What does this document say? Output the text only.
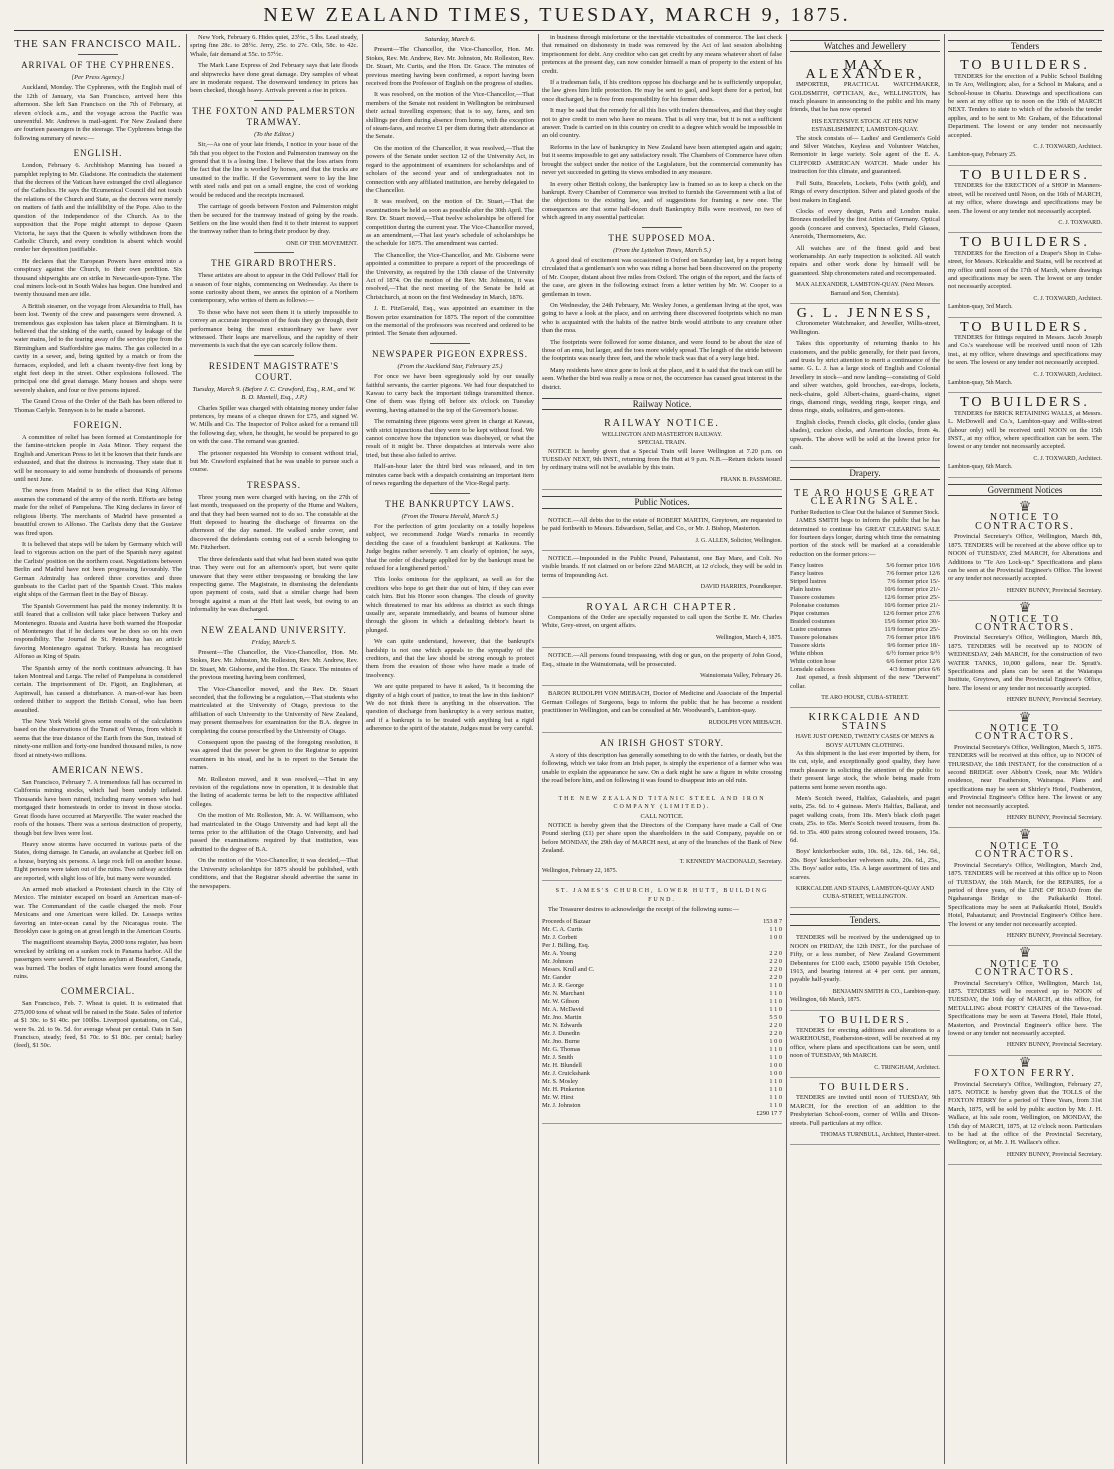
NEW ZEALAND TIMES, TUESDAY, MARCH 9, 1875.
THE SAN FRANCISCO MAIL.
ARRIVAL OF THE CYPHRENES.
[Per Press Agency.]

Auckland, Monday. The Cyphrenes, with the English mail of the 12th of January, via San Francisco, arrived here this afternoon. She left San Francisco on the 7th of February, at eleven o'clock a.m., and the voyage across the Pacific was uneventful. Mr. Andrews is mail-agent. For New Zealand there are fourteen passengers in the steerage. The Cyphrenes brings the following summary of news:—

ENGLISH.

London, February 6. Archbishop Manning has issued a pamphlet replying to Mr. Gladstone. He contradicts the statement that the decrees of the Vatican have estranged the civil allegiance of the Catholics. He says the Œcumenical Council did not touch the relations of the Church and State, as the decrees were merely on matters of faith and the infallibility of the Pope. Also to the question of the independence of the Church. As to the supposition that the Pope might attempt to depose Queen Victoria, he says that the Queen is wholly withdrawn from the Catholic Church, and every condition is absent which would render her deposition justifiable.

He declares that the European Powers have entered into a conspiracy against the Church, to their own perdition. Six thousand shipwrights are on strike in Newcastle-upon-Tyne. The coal miners lock-out in South Wales has begun. One hundred and twenty thousand men are idle.

A British steamer, on the voyage from Alexandria to Hull, has been lost. Twenty of the crew and passengers were drowned. A tremendous gas explosion has taken place at Birmingham. It is believed that the sinking of the earth, caused by leakage of the water mains, led to the tearing away of the service pipe from the Birmingham and Staffordshire gas mains. The gas collected in a cavity in a sewer, and, being ignited by a match or from the furnaces, exploded, and left a chasm twenty-five feet long by eight feet deep in the street. Other explosions followed. The principal one did great damage. Many houses and shops were severely shaken, and four or five persons injured.

The Grand Cross of the Order of the Bath has been offered to Thomas Carlyle. Tennyson is to be made a baronet.

FOREIGN.

A committee of relief has been formed at Constantinople for the famine-stricken people in Asia Minor. They request the English and American Press to let it be known that their funds are exhausted, and that the distress is increasing. They state that it will be necessary to aid some hundreds of thousands of persons until next June.

The news from Madrid is to the effect that King Alfonso assumes the command of the army of the north. Efforts are being made for the relief of Pampeluna. The King declares in favor of religious liberty. The merchants of Madrid have presented a beautiful crown to Alfonso. The Carlists deny that the Gustave was fired upon.

It is believed that steps will be taken by Germany which will lead to vigorous action on the part of the Spanish navy against the Carlists' position on the northern coast. Negotiations between Berlin and Madrid have not been progressing favourably. The German Admiralty has ordered three corvettes and three gunboats to the Carlist part of the Spanish Coast. This makes eight ships of the German fleet in the Bay of Biscay.

The Spanish Government has paid the money indemnity. It is still feared that a collision will take place between Turkey and Montenegro. Russia and Austria have both warned the Hospodar of Montenegro that if he declares war he does so on his own responsibility. The Journal de St. Petersburg has an article favoring Montenegro against Turkey. Russia has recognised Alfonso as King of Spain.

The Spanish army of the north continues advancing. It has taken Montreal and Lerga. The relief of Pampeluna is considered certain. The imprisonment of Dr. Figott, an Englishman, at Aspinwall, has caused a disturbance. A man-of-war has been ordered thither to support the British Consul, who has been assaulted.

The New York World gives some results of the calculations based on the observations of the Transit of Venus, from which it seems that the true distance of the Earth from the Sun, instead of ninety-one million and forty-one hundred thousand miles, is now fixed at ninety-two millions.

AMERICAN NEWS.

San Francisco, February 7. A tremendous fall has occurred in California mining stocks, which had been unduly inflated. Thousands have been ruined, including many women who had mortgaged their homesteads in order to invest in those stocks. Great floods have occurred at Marysville. The water reached the roofs of the houses. There was a serious destruction of property, though but few lives were lost.

Heavy snow storms have occurred in various parts of the States, doing damage. In Canada, an avalanche at Quebec fell on a house, burying six persons. A large rock fell on another house. Eight persons were taken out of the ruins. Two railway accidents are reported, with slight loss of life, but many were wounded.

An armed mob attacked a Protestant church in the City of Mexico. The minister escaped on board an American man-of-war. The Commandant of the castle charged the mob. Four Mexicans and one American were killed. Dr. Lesseps writes favoring an inter-ocean canal by the Nicaragua route. The Brooklyn case is going on at great length in the American Courts.

The magnificent steamship Bayta, 2000 tons register, has been wrecked by striking on a sunken rock in Panama harbor. All the passengers were saved. The famous asylum at Beaufort, Canada, was burned. The bodies of eight lunatics were found among the ruins.

COMMERCIAL.

San Francisco, Feb. 7. Wheat is quiet. It is estimated that 275,000 tons of wheat will be raised in the State. Sales of inferior at $1 30c. to $1 40c. per 100lbs. Liverpool quotations, on Cal., were 9s. 2d. to 9s. 5d. for average wheat per cental. Oats in San Francisco, steady; feed, $1 70c. to $1 80c. per cental; barley (feed), $1 50c.

New York, February 6. Hides quiet, 23½c., 5 lbs. Lead steady, spring fine 28c. to 28½c. Jerry, 25c. to 27c. Oils, 58c. to 42c. Whale, fair demand at 55c. to 57½c.

The Mark Lane Express of 2nd February says that late floods and shipwrecks have done great damage. Dry samples of wheat are in moderate request. The downward tendency in prices has been checked, though heavy. Arrivals prevent a rise in prices.

THE FOXTON AND PALMERSTON TRAMWAY.
(To the Editor.)

Sir,—As one of your late friends, I notice in your issue of the 5th that you object to the Foxton and Palmerston tramway on the ground that it is a losing line. I believe that the loss arises from the fact that the line is worked by horses, and that the trucks are unsuited to the traffic. If the Government were to lay the line with steel rails and put on a small engine, the cost of working would be reduced and the receipts increased.

The carriage of goods between Foxton and Palmerston might then be secured for the tramway instead of going by the roads. Settlers on the line would then find it to their interest to support the tramway rather than to bring their produce by dray.

ONE OF THE MOVEMENT.
THE GIRARD BROTHERS.

These artistes are about to appear in the Odd Fellows' Hall for a season of four nights, commencing on Wednesday. As there is some curiosity about them, we annex the opinion of a Northern contemporary, who writes of them as follows:—

To those who have not seen them it is utterly impossible to convey an accurate impression of the feats they go through, their performance being the most extraordinary we have ever witnessed. Their leaps are marvellous, and the rapidity of their movements is such that the eye can scarcely follow them.

RESIDENT MAGISTRATE'S COURT.
Tuesday, March 9. (Before J. C. Crawford, Esq., R.M., and W. B. D. Mantell, Esq., J.P.)

Charles Spiller was charged with obtaining money under false pretences, by means of a cheque drawn for £75, and signed W. W. Mills and Co. The Inspector of Police asked for a remand till the following day, when, he thought, he would be prepared to go on with the case. The remand was granted.

The prisoner requested his Worship to consent without trial, but Mr. Crawford explained that he was unable to pursue such a course.

TRESPASS.

Three young men were charged with having, on the 27th of last month, trespassed on the property of the Hume and Walters, and that they had been warned not to do so. The constable at the Hutt deposed to hearing the discharge of firearms on the afternoon of the day named. He walked under cover, and discovered the defendants coming out of a scrub belonging to Mr. Fitzherbert.

The three defendants said that what had been stated was quite true. They were out for an afternoon's sport, but were quite unaware that they were either trespassing or breaking the law respecting game. The Magistrate, in dismissing the defendants upon payment of costs, said that a similar charge had been brought against a man at the Hutt last week, but owing to an informality he was discharged.

NEW ZEALAND UNIVERSITY.
Friday, March 5.

Present—The Chancellor, the Vice-Chancellor, Hon. Mr. Stokes, Rev. Mr. Johnston, Mr. Rolleston, Rev. Mr. Andrew, Rev. Dr. Stuart, Mr. Gisborne, and the Hon. Dr. Grace. The minutes of the previous meeting having been confirmed,

The Vice-Chancellor moved, and the Rev. Dr. Stuart seconded, that the following be a regulation,—That students who matriculated at the University of Otago, previous to the affiliation of such University to the University of New Zealand, may present themselves for examination for the B.A. degree in completing the course prescribed by the University of Otago.

Consequent upon the passing of the foregoing resolution, it was agreed that the power be given to the Registrar to appoint examiners in his stead, and he is to report to the Senate the names.

Mr. Rolleston moved, and it was resolved,—That in any revision of the regulations now in operation, it is desirable that the listing of academic terms be left to the respective affiliated colleges.

On the motion of Mr. Rolleston, Mr. A. W. Williamson, who had matriculated in the Otago University and had kept all the terms prior to the affiliation of the Otago University, and had passed the examinations required by that institution, was admitted to the degree of B.A.

On the motion of the Vice-Chancellor, it was decided,—That the University scholarships for 1875 should be published, with conditions, and that the Registrar should advertise the same in the newspapers.

Saturday, March 6.

Present—The Chancellor, the Vice-Chancellor, Hon. Mr. Stokes, Rev. Mr. Andrew, Rev. Mr. Johnston, Mr. Rolleston, Rev. Dr. Stuart, Mr. Curtis, and the Hon. Dr. Grace. The minutes of previous meeting having been confirmed, a report having been received from the Professor of English on the progress of studies.

It was resolved, on the motion of the Vice-Chancellor,—That members of the Senate not resident in Wellington be reimbursed their actual travelling expenses; that is to say, fares, and ten shillings per diem during absence from home, with the exception of steam-fares, and receive £1 per diem during their attendance at the Senate.

On the motion of the Chancellor, it was resolved,—That the powers of the Senate under section 12 of the University Act, in regard to the appointment of examiners for scholarships and of scholars of the second year and of undergraduates not in connection with any affiliated institution, are hereby delegated to the Chancellor.

It was resolved, on the motion of Dr. Stuart,—That the examinations be held as soon as possible after the 30th April. The Rev. Dr. Stuart moved,—That twelve scholarships be offered for competition during the current year. The Vice-Chancellor moved, as an amendment,—That last year's schedule of scholarships be the schedule for 1875. The amendment was carried.

The Chancellor, the Vice-Chancellor, and Mr. Gisborne were appointed a committee to prepare a report of the proceedings of the University, as required by the 13th clause of the University Act of 1874. On the motion of the Rev. Mr. Johnston, it was resolved,—That the next meeting of the Senate be held at Christchurch, at noon on the first Wednesday in March, 1876.

J. E. FitzGerald, Esq., was appointed an examiner in the Bowen prize examination for 1875. The report of the committee on the memorial of the professors was received and ordered to be printed. The Senate then adjourned.

NEWSPAPER PIGEON EXPRESS.
(From the Auckland Star, February 25.)

For once we have been egregiously sold by our usually faithful servants, the carrier pigeons. We had four despatched to Kawau to carry back the important tidings transmitted thence. One of them was flying off before six o'clock on Tuesday evening, having attained to the top of the Governor's house.

The remaining three pigeons were given in charge at Kawau, with strict injunctions that they were to be kept without food. We cannot conceive how the injunction was disobeyed, or what the result of it might be. Three despatches at intervals were also tried, but these also failed to arrive.

Half-an-hour later the third bird was released, and in ten minutes came back with a despatch containing an important item of news regarding the departure of the Vice-Regal party.

THE BANKRUPTCY LAWS.
(From the Timaru Herald, March 5.)

For the perfection of grim jocularity on a totally hopeless subject, we recommend Judge Ward's remarks in recently deciding the case of a fraudulent bankrupt at Kaikoura. The Judge begins rather severely. 'I am clearly of opinion,' he says, 'that the order of discharge applied for by the bankrupt must be refused for a lengthened period.'

This looks ominous for the applicant, as well as for the creditors who hope to get their due out of him, if they can ever catch him. But his Honor soon changes. The clouds of gravity which threatened to mar his address as district as such things usually are, separate immediately, and beams of humour shine through the gloom in which a defaulting debtor's heart is plunged.

We can quite understand, however, that the bankrupt's hardship is not one which appeals to the sympathy of the creditors, and that the law should be strong enough to protect them from the evasion of those who have made a trade of insolvency.

We are quite prepared to have it asked, 'Is it becoming the dignity of a high court of justice, to treat the law in this fashion?' We do not think there is anything in the observation. The question of discharge from bankruptcy is a very serious matter, and if a bankrupt is to be treated with anything but a rigid adherence to the spirit of the statute, Judges must be very careful.

in business through misfortune or the inevitable vicissitudes of commerce. The last check that remained on dishonesty in trade was removed by the Act of last session abolishing imprisonment for debt. Any creditor who can get credit by any means whatever short of false pretences at the present day, can now consider himself a man of property to the extent of his credit.

If a tradesman fails, if his creditors oppose his discharge and he is sufficiently unpopular, the law gives him little protection. He may be sent to gaol, and kept there for a period, but once discharged, he is free from responsibility for his former debts.

It may be said that the remedy for all this lies with traders themselves, and that they ought not to give credit to men who have no means. That is all very true, but it is not a sufficient answer. Trade is carried on in this country on credit to a degree which would be impossible in an old country.

Reforms in the law of bankruptcy in New Zealand have been attempted again and again; but it seems impossible to get any satisfactory result. The Chambers of Commerce have often brought the subject under the notice of the Legislature, but the commercial community has never yet succeeded in getting its views embodied in any measure.

In every other British colony, the bankruptcy law is framed so as to keep a check on the bankrupt. Every Chamber of Commerce was invited to furnish the Government with a list of the objections to the existing law, and of suggestions for framing a new one. The consequences are that some half-dozen draft Bankruptcy Bills were received, no two of which agreed in any essential particular.

THE SUPPOSED MOA.
(From the Lyttelton Times, March 5.)

A good deal of excitement was occasioned in Oxford on Saturday last, by a report being circulated that a gentleman's son who was riding a horse had been discovered on the property of Mr. Cooper, distant about five miles from Oxford. The origin of the report, and the facts of the case, are given in the following extract from a letter written by Mr. W. Cooper to a gentleman in town.

On Wednesday, the 24th February, Mr. Wesley Jones, a gentleman living at the spot, was going to have a look at the place, and on arriving there discovered footprints which no man who is acquainted with the habits of the native birds would attribute to any creature other than the moa.

The footprints were followed for some distance, and were found to be about the size of those of an emu, but larger, and the toes more widely spread. The length of the stride between the footprints was nearly three feet, and the whole track was that of a very large bird.

Many residents have since gone to look at the place, and it is said that the track can still be seen. Whether the bird was really a moa or not, the occurrence has caused great interest in the district.

Railway Notice.
RAILWAY NOTICE.
WELLINGTON AND MASTERTON RAILWAY.
SPECIAL TRAIN.

NOTICE is hereby given that a Special Train will leave Wellington at 7.20 p.m. on TUESDAY NEXT, 9th INST., returning from the Hutt at 9 p.m. N.B.—Return tickets issued by ordinary trains will not be available by this train.

FRANK B. PASSMORE.
Public Notices.

NOTICE.—All debts due to the estate of ROBERT MARTIN, Greytown, are requested to be paid forthwith to Messrs. Edwardson, Sellar, and Co., or Mr. J. Bishop, Masterton.

J. G. ALLEN, Solicitor, Wellington.

NOTICE.—Impounded in the Public Pound, Pahautanui, one Bay Mare, and Colt. No visible brands. If not claimed on or before 22nd MARCH, at 12 o'clock, they will be sold in terms of Impounding Act.

DAVID HARRIES, Poundkeeper.
ROYAL ARCH CHAPTER.

Companions of the Order are specially requested to call upon the Scribe E. Mr. Charles White, Grey-street, on urgent affairs.

Wellington, March 4, 1875.

NOTICE.—All persons found trespassing, with dog or gun, on the property of John Good, Esq., situate in the Wainuiomata, will be prosecuted.

Wainuiomata Valley, February 26.

BARON RUDOLPH VON MIEBACH, Doctor of Medicine and Associate of the Imperial German Colleges of Surgeons, begs to inform the public that he has become a resident practitioner in Wellington, and can be consulted at Mr. Woodward's, Lambton-quay.

RUDOLPH VON MIEBACH.
AN IRISH GHOST STORY.

A story of this description has generally something to do with the fairies, or death, but the following, which we take from an Irish paper, is simply the experience of a farmer who was unable to explain the appearance he saw. On a dark night he saw a figure in white crossing the road before him, and on following it was found to disappear into an old ruin.

THE NEW ZEALAND TITANIC STEEL AND IRON COMPANY (LIMITED).
CALL NOTICE.

NOTICE is hereby given that the Directors of the Company have made a Call of One Pound sterling (£1) per share upon the shareholders in the said Company, payable on or before MONDAY, the 29th day of MARCH next, at any of the branches of the Bank of New Zealand.

T. KENNEDY MACDONALD, Secretary.
Wellington, February 22, 1875.
ST. JAMES'S CHURCH, LOWER HUTT, BUILDING FUND.

The Treasurer desires to acknowledge the receipt of the following sums:—

Proceeds of Bazaar	153 8 7
Mr. C. A. Curtis	1 1 0
Mr. J. Corbett	1 0 0
Per J. Billing, Esq.	
Mr. A. Young	2 2 0
Mr. Johnson	2 2 0
Messrs. Krull and C.	2 2 0
Mr. Gander	2 2 0
Mr. J. R. George	1 1 0
Mr. N. Marchant	1 1 0
Mr. W. Gibson	1 1 0
Mr. A. McDavid	1 1 0
Mr. Jno. Martin	5 5 0
Mr. N. Edwards	2 2 0
Mr. J. Dunedin	2 2 0
Mr. Jno. Burne	1 0 0
Mr. G. Thomas	1 1 0
Mr. J. Smith	1 1 0
Mr. H. Blundell	1 0 0
Mr. J. Cruickshank	1 0 0
Mr. S. Mosley	1 1 0
Mr. H. Pinkerton	1 1 0
Mr. W. Hirst	1 1 0
Mr. J. Johnston	1 1 0
£290 17 7
Watches and Jewellery
MAX ALEXANDER,

IMPORTER, PRACTICAL WATCHMAKER, GOLDSMITH, OPTICIAN, &c., WELLINGTON, has much pleasure in announcing to the public and his many friends, that he has now opened

HIS EXTENSIVE STOCK AT HIS NEW ESTABLISHMENT, LAMBTON-QUAY.

The stock consists of— Ladies' and Gentlemen's Gold and Silver Watches, Keyless and Volunteer Watches, Remontoir in large variety. Sole agent of the E. A. CLIFFORD AMERICAN WATCH. Made under his instruction for this climate, and guaranteed.

Full Suits, Bracelets, Lockets, Fobs (with gold), and Rings of every description. Silver and plated goods of the best makers in England.

Clocks of every design, Paris and London make. Bronzes modelled by the first Artists of Germany. Optical goods (concave and convex), Spectacles, Field Glasses, Aneroids, Thermometers, &c.

All watches are of the finest gold and best workmanship. An early inspection is solicited. All watch repairs and other work done by himself will be guaranteed. Ship chronometers rated and recompensated.

MAX ALEXANDER, LAMBTON-QUAY. (Next Messrs. Barraud and Son, Chemists).
G. L. JENNESS,

Chronometer Watchmaker, and Jeweller, Willis-street, Wellington.

Takes this opportunity of returning thanks to his customers, and the public generally, for their past favors, and trusts by strict attention to merit a continuance of the same. G. L. J. has a large stock of English and Colonial Jewellery in stock—and now landing—consisting of Gold and silver watches, gold brooches, ear-drops, lockets, neck-chains, gold Albert-chains, guard-chains, signet rings, diamond rings, wedding rings, keeper rings, and dress rings, studs, solitaires, and gem-stones.

English clocks, French clocks, gilt clocks, (under glass shades), cuckoo clocks, and American clocks, from 4s. upwards. The above will be sold at the lowest price for cash.

Drapery.
TE ARO HOUSE GREAT CLEARING SALE.
Further Reduction to Clear Out the balance of Summer Stock.

JAMES SMITH begs to inform the public that he has determined to continue his GREAT CLEARING SALE for fourteen days longer, during which time the remaining portion of the stock will be marked at a considerable reduction on the former prices:—

Fancy lustres	5/6 former price 10/6
Fancy lustres	7/6 former price 12/6
Striped lustres	7/6 former price 15/-
Plain lustres	10/6 former price 21/-
Tussore costumes	12/6 former price 25/-
Polonaise costumes	10/6 former price 21/-
Pique costumes	12/6 former price 27/6
Braided costumes	15/6 former price 30/-
Lustre costumes	11/9 former price 25/-
Tussore polonaises	7/6 former price 18/6
Tussore skirts	9/6 former price 18/-
White ribbon	6/½ former price 9/½
White cotton hose	6/6 former price 12/6
Lonsdale calicoes	4/3 former price 6/6

Just opened, a fresh shipment of the new "Derwent" collar.

TE ARO HOUSE, CUBA-STREET.
KIRKCALDIE AND STAINS
HAVE JUST OPENED, TWENTY CASES OF MEN'S & BOYS' AUTUMN CLOTHING.

As this shipment is the last ever imported by them, for its cut, style, and exceptionally good quality, they have much pleasure in soliciting the attention of the public to their present large stock, the whole being made from patterns sent home seven months ago.

Men's Scotch tweed, Halifax, Galashiels, and paget suits, 25s. 6d. to 4 guineas. Men's Halifax, Ballarat, and paget walking coats, from 18s. Men's black cloth paget coats, 25s. to 65s. Men's Scotch tweed trousers, from 8s. 6d. to 35s. 400 pairs strong coloured tweed trousers, 15s. 6d.

Boys' knickerbocker suits, 10s. 6d., 12s. 6d., 14s. 6d., 20s. Boys' knickerbocker velveteen suits, 20s. 6d., 25s., 33s. Boys' sailor suits, 15s. A large assortment of ties and scarves.

KIRKCALDIE AND STAINS, LAMBTON-QUAY AND CUBA-STREET, WELLINGTON.
Tenders.

TENDERS will be received by the undersigned up to NOON on FRIDAY, the 12th INST., for the purchase of Fifty, or a less number, of New Zealand Government Debentures for £100 each, £5000 payable 15th October, 1913, and bearing interest at 4 per cent. per annum, payable half-yearly.

BENJAMIN SMITH & CO., Lambton-quay.
Wellington, 6th March, 1875.
TO BUILDERS.

TENDERS for erecting additions and alterations to a WAREHOUSE, Featherston-street, will be received at my office, where plans and specifications can be seen, until noon of TUESDAY, 9th MARCH.

C. TRINGHAM, Architect.
TO BUILDERS.

TENDERS are invited until noon of TUESDAY, 9th MARCH, for the erection of an addition to the Presbyterian School-room, corner of Willis and Dixon-streets. Full particulars at my office.

THOMAS TURNBULL, Architect, Hunter-street.
Tenders
TO BUILDERS.

TENDERS for the erection of a Public School Building in Te Aro, Wellington; also, for a School in Makara, and a School-house in Ohariu. Drawings and specifications can be seen at my office up to noon on the 19th of MARCH NEXT. Tenders to state to which of the schools the tender applies, and to be sent to Mr. Graham, of the Educational Department. The lowest or any tender not necessarily accepted.

C. J. TOXWARD, Architect.
Lambton-quay, February 25.
TO BUILDERS.

TENDERS for the ERECTION of a SHOP in Manners-street, will be received until Noon, on the 16th of MARCH, at my office, where drawings and specifications may be seen. The lowest or any tender not necessarily accepted.

C. J. TOXWARD.
TO BUILDERS.

TENDERS for the Erection of a Draper's Shop in Cuba-street, for Messrs. Kirkcaldie and Stains, will be received at my office until noon of the 17th of March, where drawings and specifications may be seen. The lowest or any tender not necessarily accepted.

C. J. TOXWARD, Architect.
Lambton-quay, 3rd March.
TO BUILDERS.

TENDERS for fittings required in Messrs. Jacob Joseph and Co.'s warehouse will be received until noon of 12th inst., at my office, where drawings and specifications may be seen. The lowest or any tender not necessarily accepted.

C. J. TOXWARD, Architect.
Lambton-quay, 5th March.
TO BUILDERS.

TENDERS for BRICK RETAINING WALLS, at Messrs. L. McDowell and Co.'s, Lambton-quay and Willis-street (labour only) will be received until NOON on the 15th INST., at my office, where specification can be seen. The lowest or any tender not necessarily accepted.

C. J. TOXWARD, Architect.
Lambton-quay, 6th March.
Government Notices
♛
NOTICE TO CONTRACTORS.

Provincial Secretary's Office, Wellington, March 8th, 1875. TENDERS will be received at the above office up to NOON of TUESDAY, 23rd MARCH, for Alterations and Additions to "Te Aro Lock-up." Specifications and plans can be seen at the Provincial Engineer's Office. The lowest or any tender not necessarily accepted.

HENRY BUNNY, Provincial Secretary.
♛
NOTICE TO CONTRACTORS.

Provincial Secretary's Office, Wellington, March 8th, 1875. TENDERS will be received up to NOON of WEDNESDAY, 24th MARCH, for the construction of two WATER TANKS, 10,000 gallons, near Dr. Spratt's. Specifications and plans can be seen at the Waiarapa Institute, Greytown, and the Provincial Engineer's Office, here. The lowest or any tender not necessarily accepted.

HENRY BUNNY, Provincial Secretary.
♛
NOTICE TO CONTRACTORS.

Provincial Secretary's Office, Wellington, March 5, 1875. TENDERS will be received at this office, up to NOON of THURSDAY, the 18th INSTANT, for the construction of a second BRIDGE over Abbott's Creek, near Mr. Wilde's residence, near Featherston, Wairarapa. Plans and specifications may be seen at Shirley's Hotel, Featherston, and Provincial Engineer's Office here. The lowest or any tender not necessarily accepted.

HENRY BUNNY, Provincial Secretary.
♛
NOTICE TO CONTRACTORS.

Provincial Secretary's Office, Wellington, March 2nd, 1875. TENDERS will be received at this office up to Noon of TUESDAY, the 16th March, for the REPAIRS, for a period of three years, of the LINE OF ROAD from the Ngahauranga Bridge to the Paikakariki Hotel. Specifications may be seen at Paikakariki Hotel, Bould's Hotel, Pahautanui; and Provincial Engineer's Office here. The lowest or any tender not necessarily accepted.

HENRY BUNNY, Provincial Secretary.
♛
NOTICE TO CONTRACTORS.

Provincial Secretary's Office, Wellington, March 1st, 1875. TENDERS will be received up to NOON of TUESDAY, the 16th day of MARCH, at this office, for METALLING about FORTY CHAINS of the Tawa-road. Specifications may be seen at Tawera Hotel, Hale Hotel, Masterton, and Provincial Engineer's office here. The lowest or any tender not necessarily accepted.

HENRY BUNNY, Provincial Secretary.
♛
FOXTON FERRY.

Provincial Secretary's Office, Wellington, February 27, 1875. NOTICE is hereby given that the TOLLS of the FOXTON FERRY for a period of Three Years, from 31st March, 1875, will be sold by public auction by Mr. J. H. Wallace, at his sale room, Wellington, on MONDAY, the 15th day of MARCH, 1875, at 12 o'clock noon. Particulars to be had at the office of the Provincial Secretary, Wellington; or, at Mr. J. H. Wallace's office.

HENRY BUNNY, Provincial Secretary.
